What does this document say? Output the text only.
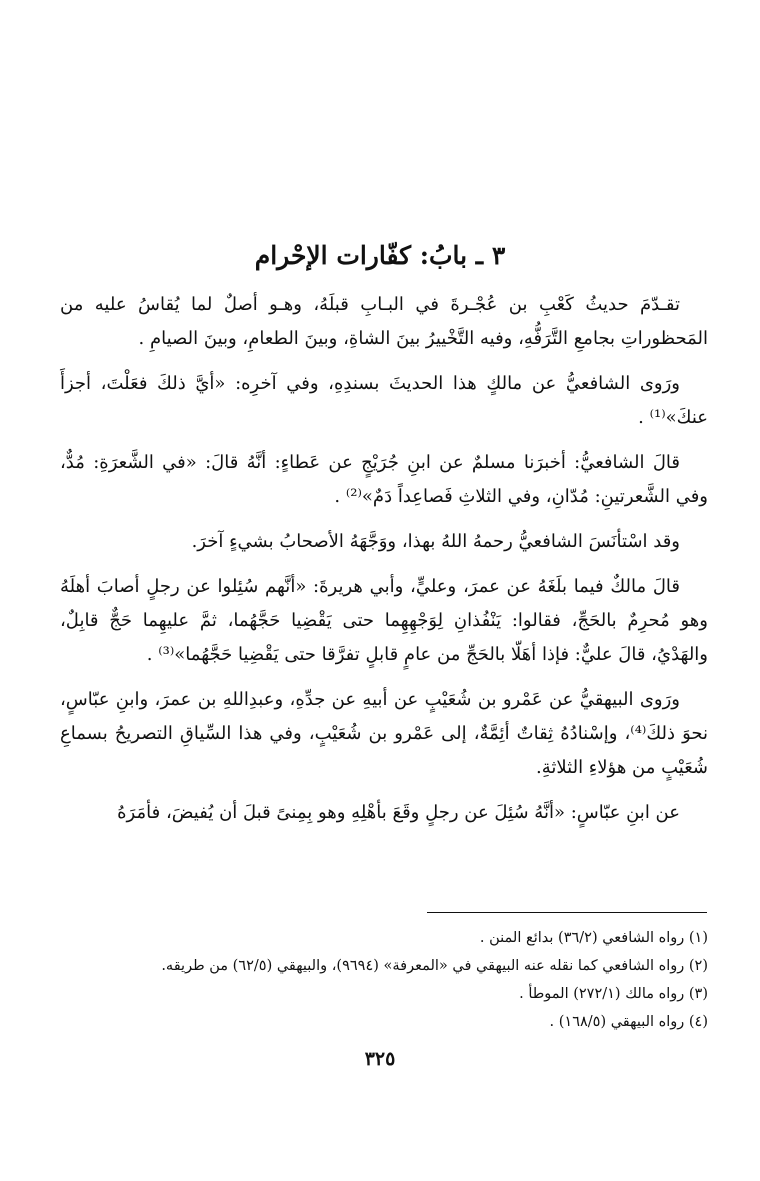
٣ ـ بابُ: كفّارات الإحْرام

تقـدّمَ حديثُ كَعْبِ بن عُجْـرةَ في البـابِ قبلَهُ، وهـو أصلٌ لما يُقاسُ عليه من المَحظوراتِ بجامعِ التَّرَفُّهِ، وفيه التَّخْييرُ بينَ الشاةِ، وبينَ الطعامِ، وبينَ الصيامِ .

ورَوى الشافعيُّ عن مالكٍ هذا الحديثَ بسندِهِ، وفي آخرِه: «أيَّ ذلكَ فعَلْتَ، أجزأَ عنكَ»⁽¹⁾ .

قالَ الشافعيُّ: أخبرَنا مسلمٌ عن ابنِ جُرَيْجٍ عن عَطاءٍ: أنَّهُ قالَ: «في الشَّعرَةِ: مُدٌّ، وفي الشَّعرتينِ: مُدّانِ، وفي الثلاثِ فَصاعِداً دَمٌ»⁽²⁾ .

وقد اسْتأنَسَ الشافعيُّ رحمهُ اللهُ بهذا، ووَجَّهَهُ الأصحابُ بشيءٍ آخرَ.

قالَ مالكٌ فيما بلَغَهُ عن عمرَ، وعليٍّ، وأبي هريرةَ: «أنَّهم سُئِلوا عن رجلٍ أصابَ أهلَهُ وهو مُحرِمٌ بالحَجِّ، فقالوا: يَنْفُذانِ لِوَجْهِهِما حتى يَقْضِيا حَجَّهُما، ثمَّ عليهِما حَجٌّ قابِلٌ، والهَدْيُ، قالَ عليٌّ: فإذا أهَلّا بالحَجِّ من عامٍ قابلٍ تفرَّقا حتى يَقْضِيا حَجَّهُما»⁽³⁾ .

ورَوى البيهقيُّ عن عَمْرو بن شُعَيْبٍ عن أبيهِ عن جدِّهِ، وعبدِاللهِ بن عمرَ، وابنِ عبّاسٍ، نحوَ ذلكَ⁽⁴⁾، وإسْنادُهُ ثِقاتٌ أئِمَّةٌ، إلى عَمْرو بن شُعَيْبٍ، وفي هذا السِّياقِ التصريحُ بسماعِ شُعَيْبٍ من هؤلاءِ الثلاثةِ.

عن ابنِ عبّاسٍ: «أنَّهُ سُئِلَ عن رجلٍ وقَعَ بأهْلِهِ وهو بِمِنىً قبلَ أن يُفيضَ، فأمَرَهُ

(١) رواه الشافعي (٣٦/٢) بدائع المنن .
(٢) رواه الشافعي كما نقله عنه البيهقي في «المعرفة» (٩٦٩٤)، والبيهقي (٦٢/٥) من طريقه.
(٣) رواه مالك (٢٧٢/١) الموطأ .
(٤) رواه البيهقي (١٦٨/٥) .
٣٢٥
